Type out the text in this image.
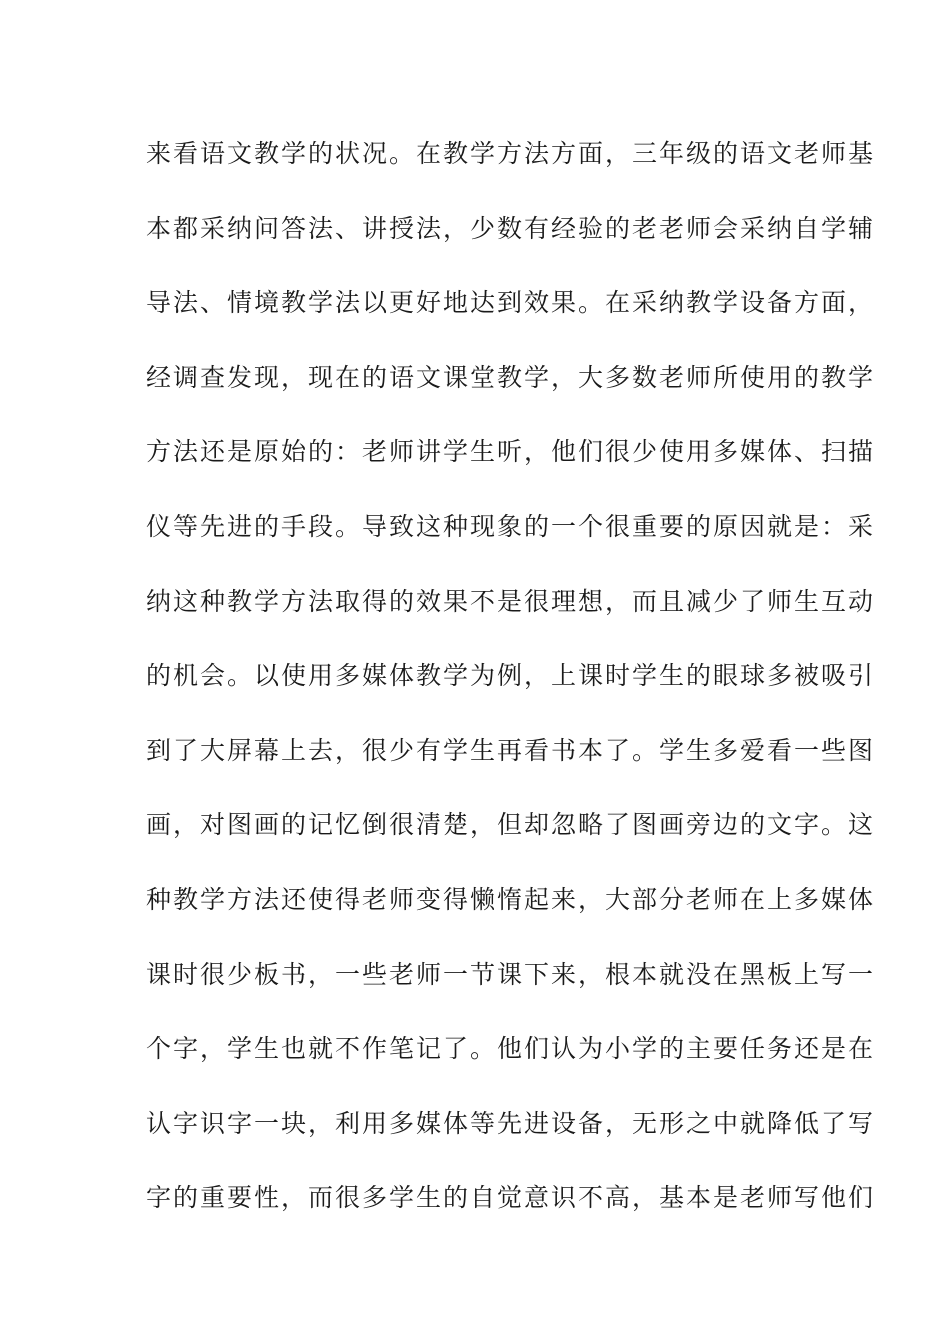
来看语文教学的状况。在教学方法方面，三年级的语文老师基
本都采纳问答法、讲授法，少数有经验的老老师会采纳自学辅
导法、情境教学法以更好地达到效果。在采纳教学设备方面，
经调查发现，现在的语文课堂教学，大多数老师所使用的教学
方法还是原始的：老师讲学生听，他们很少使用多媒体、扫描
仪等先进的手段。导致这种现象的一个很重要的原因就是：采
纳这种教学方法取得的效果不是很理想，而且减少了师生互动
的机会。以使用多媒体教学为例，上课时学生的眼球多被吸引
到了大屏幕上去，很少有学生再看书本了。学生多爱看一些图
画，对图画的记忆倒很清楚，但却忽略了图画旁边的文字。这
种教学方法还使得老师变得懒惰起来，大部分老师在上多媒体
课时很少板书，一些老师一节课下来，根本就没在黑板上写一
个字，学生也就不作笔记了。他们认为小学的主要任务还是在
认字识字一块，利用多媒体等先进设备，无形之中就降低了写
字的重要性，而很多学生的自觉意识不高，基本是老师写他们
